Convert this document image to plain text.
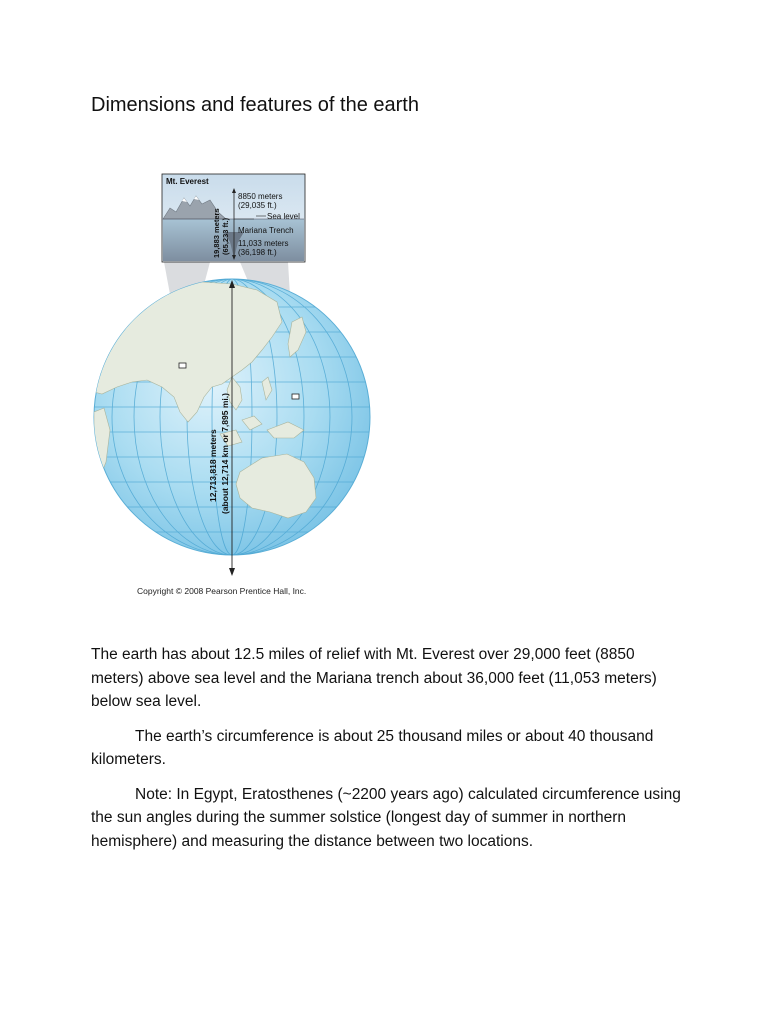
Dimensions and features of the earth
12,713,818 meters (about 12,714 km or 7,895 mi.)
Mt. Everest
8850 meters
(29,035 ft.)
Sea level
Mariana Trench
11,033 meters
(36,198 ft.)
19,883 meters (65,233 ft.)
Copyright © 2008 Pearson Prentice Hall, Inc.

The earth has about 12.5 miles of relief with Mt. Everest over 29,000 feet (8850 meters) above sea level and the Mariana trench about 36,000 feet (11,053 meters) below sea level.

The earth’s circumference is about 25 thousand miles or about 40 thousand kilometers.

Note: In Egypt, Eratosthenes (~2200 years ago) calculated circumference using the sun angles during the summer solstice (longest day of summer in northern hemisphere) and measuring the distance between two locations.
